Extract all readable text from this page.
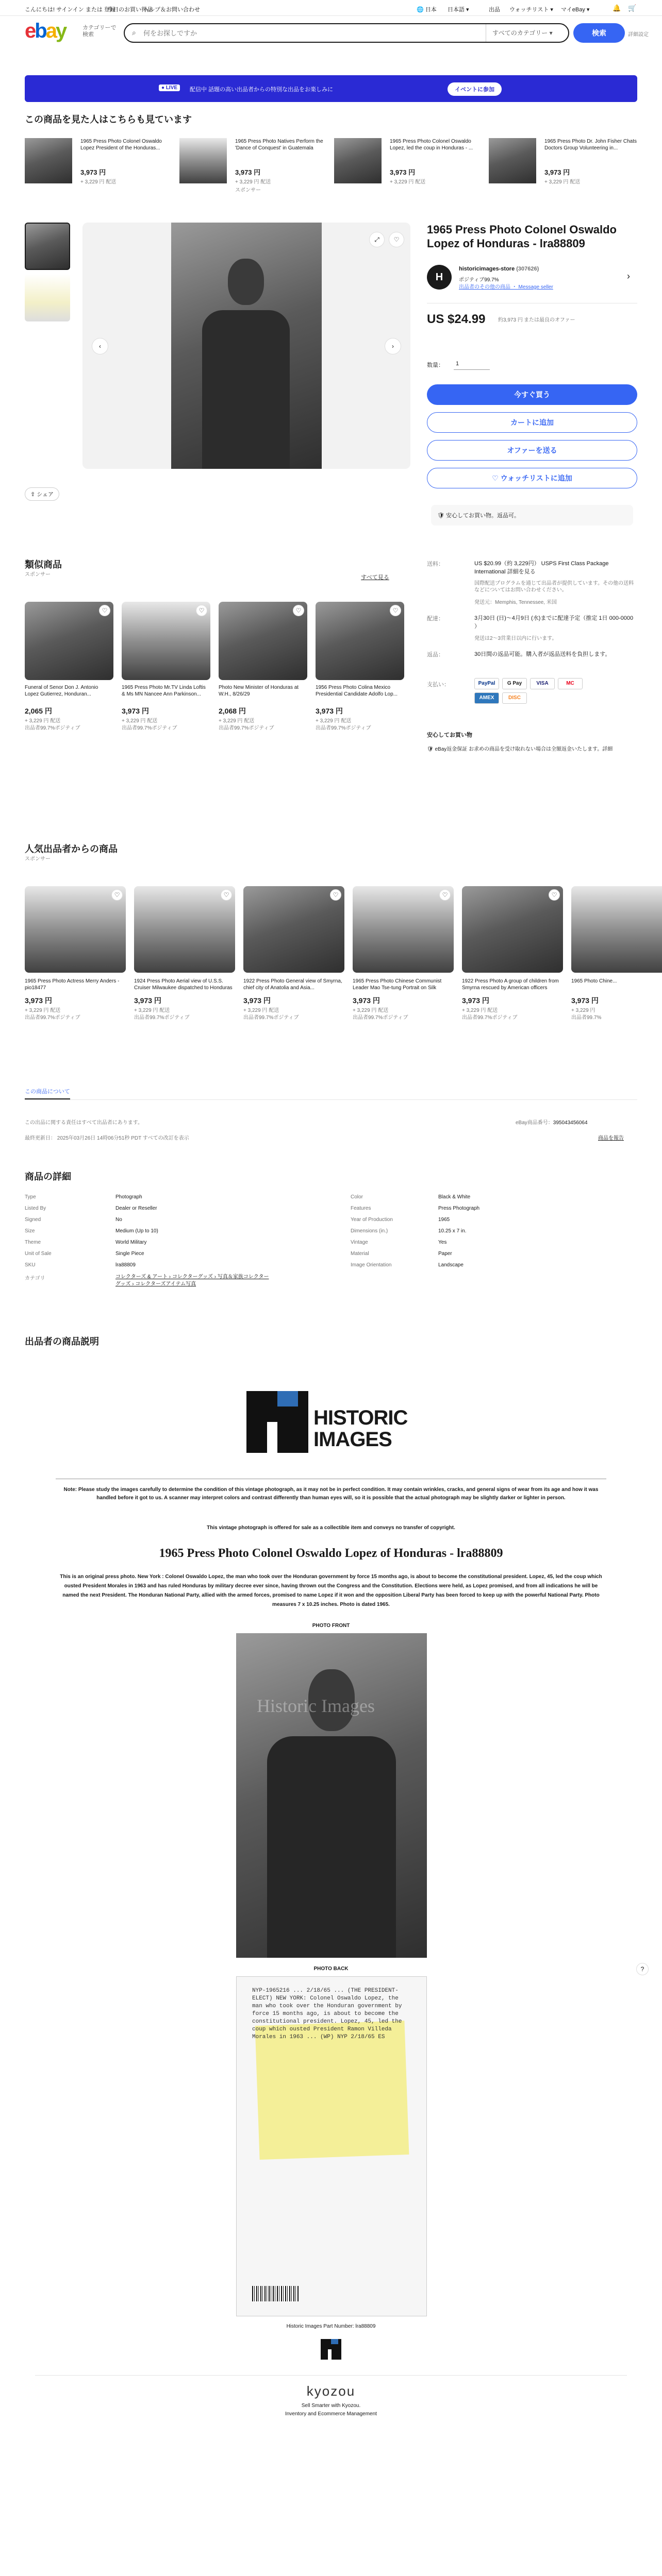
こんにちは! サインイン または 登録
今日のお買い得品
ヘルプ＆お問い合わせ	🌐 日本 日本語 ▾	出品 ウォッチリスト ▾ マイeBay ▾	🔔 🛒
ebay	カテゴリーで検索	⌕
何をお探しですか	すべてのカテゴリー ▾	検索	詳細設定
● LIVE	配信中 話題の高い出品者からの特別な出品をお楽しみに	イベントに参加
この商品を見た人はこちらも見ています
1965 Press Photo Colonel Oswaldo Lopez President of the Honduras...
3,973 円
+ 3,229 円 配送
1965 Press Photo Natives Perform the 'Dance of Conquest' in Guatemala
3,973 円
+ 3,229 円 配送
スポンサー
1965 Press Photo Colonel Oswaldo Lopez, led the coup in Honduras - ...
3,973 円
+ 3,229 円 配送
1965 Press Photo Dr. John Fisher Chats Doctors Group Volunteering in...
3,973 円
+ 3,229 円 配送
⤢	♡
‹	›
⇪ シェア
1965 Press Photo Colonel Oswaldo Lopez of Honduras - lra88809
H
historicimages-store (307626)
ポジティブ99.7%
出品者のその他の商品 ・ Message seller
›
US $24.99 約3,973 円 または最良のオファー
数量：	1
今すぐ買う
カートに追加
オファーを送る
♡ ウォッチリストに追加
🛡 安心してお買い物。返品可。
送料：	US $20.99（約 3,229円） USPS First Class Package International 詳細を見る
国際配送プログラムを通じて出品者が提供しています。その他の送料などについてはお問い合わせください。
発送元：Memphis, Tennessee, 米国
配達：	3月30日 (日)〜4月9日 (水)までに配達予定（推定 1日 000-0000 ）
発送は2〜3営業日以内に行います。
返品：	30日間の返品可能。購入者が返品送料を負担します。
支払い：	PayPal	G Pay	VISA	MC
AMEX	DISC
安心してお買い物
🛡 eBay返金保証 お求めの商品を受け取れない場合は全額返金いたします。詳細
類似商品
スポンサー	すべて見る
♡
Funeral of Senor Don J. Antonio Lopez Gutierrez, Honduran...
2,065 円
+ 3,229 円 配送
出品者99.7%ポジティブ
♡
1965 Press Photo Mr.TV Linda Loftis & Ms MN Nancee Ann Parkinson...
3,973 円
+ 3,229 円 配送
出品者99.7%ポジティブ
♡
Photo New Minister of Honduras at W.H., 8/26/29
2,068 円
+ 3,229 円 配送
出品者99.7%ポジティブ
♡
1956 Press Photo Colina Mexico Presidential Candidate Adolfo Lop...
3,973 円
+ 3,229 円 配送
出品者99.7%ポジティブ
人気出品者からの商品
スポンサー
♡
1965 Press Photo Actress Merry Anders - pio18477
3,973 円
+ 3,229 円 配送
出品者99.7%ポジティブ
♡
1924 Press Photo Aerial view of U.S.S. Cruiser Milwaukee dispatched to Honduras
3,973 円
+ 3,229 円 配送
出品者99.7%ポジティブ
♡
1922 Press Photo General view of Smyrna, chief city of Anatolia and Asia...
3,973 円
+ 3,229 円 配送
出品者99.7%ポジティブ
♡
1965 Press Photo Chinese Communist Leader Mao Tse-tung Portrait on Silk
3,973 円
+ 3,229 円 配送
出品者99.7%ポジティブ
♡
1922 Press Photo A group of children from Smyrna rescued by American officers
3,973 円
+ 3,229 円 配送
出品者99.7%ポジティブ
1965 Photo Chine...
3,973 円
+ 3,229 円
出品者99.7%
この商品について
この出品に関する責任はすべて出品者にあります。	eBay商品番号：395043456064
最終更新日： 2025年03月26日 14時06分51秒 PDT すべての改訂を表示	商品を報告
商品の詳細
Type	Photograph
Listed By	Dealer or Reseller
Signed	No
Size	Medium (Up to 10)
Theme	World Military
Unit of Sale	Single Piece
SKU	lra88809
カテゴリ	コレクターズ & アート › コレクターグッズ › 写真＆家族コレクターグッズ › コレクターズアイテム写真
Color	Black & White
Features	Press Photograph
Year of Production	1965
Dimensions (in.)	10.25 x 7 in.
Vintage	Yes
Material	Paper
Image Orientation	Landscape
出品者の商品説明
HISTORIC
IMAGES
Note: Please study the images carefully to determine the condition of this vintage photograph, as it may not be in perfect condition. It may contain wrinkles, cracks, and general signs of wear from its age and how it was handled before it got to us. A scanner may interpret colors and contrast differently than human eyes will, so it is possible that the actual photograph may be slightly darker or lighter in person.
This vintage photograph is offered for sale as a collectible item and conveys no transfer of copyright.
1965 Press Photo Colonel Oswaldo Lopez of Honduras - lra88809
This is an original press photo. New York : Colonel Oswaldo Lopez, the man who took over the Honduran government by force 15 months ago, is about to become the constitutional president. Lopez, 45, led the coup which ousted President Morales in 1963 and has ruled Honduras by military decree ever since, having thrown out the Congress and the Constitution. Elections were held, as Lopez promised, and from all indications he will be named the next President. The Honduran National Party, allied with the armed forces, promised to name Lopez if it won and the opposition Liberal Party has been forced to keep up with the powerful National Party. Photo measures 7 x 10.25 inches. Photo is dated 1965.
PHOTO FRONT
Historic Images
PHOTO BACK
NYP-1965216 ... 2/18/65 ... (THE PRESIDENT-ELECT) NEW YORK: Colonel Oswaldo Lopez, the man who took over the Honduran government by force 15 months ago, is about to become the constitutional president. Lopez, 45, led the coup which ousted President Ramon Villeda Morales in 1963 ... (WP) NYP 2/18/65 ES
Historic Images Part Number: lra88809
kyozou
Sell Smarter with Kyozou.
Inventory and Ecommerce Management
?
